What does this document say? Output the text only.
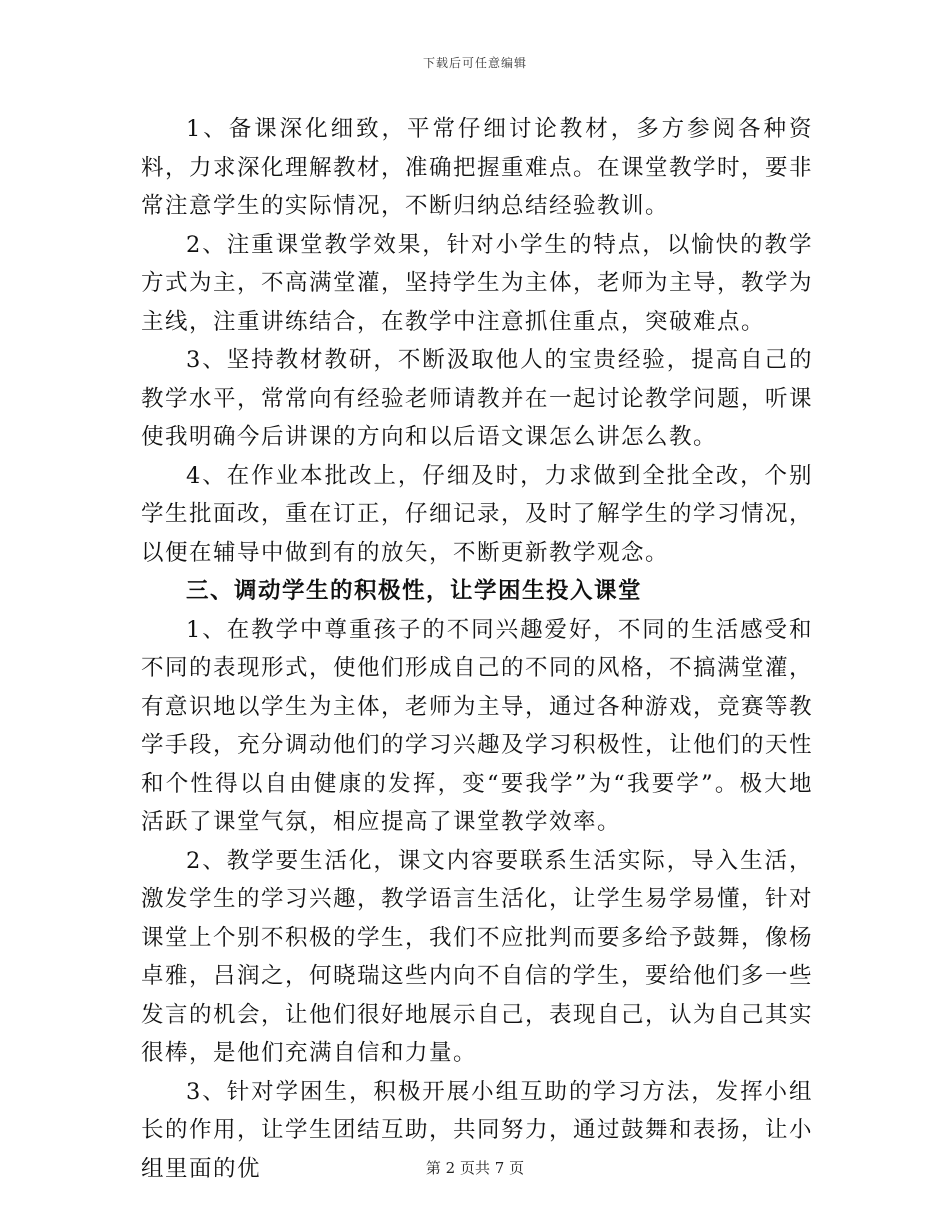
下载后可任意编辑

1、备课深化细致，平常仔细讨论教材，多方参阅各种资料，力求深化理解教材，准确把握重难点。在课堂教学时，要非常注意学生的实际情况，不断归纳总结经验教训。

2、注重课堂教学效果，针对小学生的特点，以愉快的教学方式为主，不高满堂灌，坚持学生为主体，老师为主导，教学为主线，注重讲练结合，在教学中注意抓住重点，突破难点。

3、坚持教材教研，不断汲取他人的宝贵经验，提高自己的教学水平，常常向有经验老师请教并在一起讨论教学问题，听课使我明确今后讲课的方向和以后语文课怎么讲怎么教。

4、在作业本批改上，仔细及时，力求做到全批全改，个别学生批面改，重在订正，仔细记录，及时了解学生的学习情况，以便在辅导中做到有的放矢，不断更新教学观念。

三、调动学生的积极性，让学困生投入课堂

1、在教学中尊重孩子的不同兴趣爱好，不同的生活感受和不同的表现形式，使他们形成自己的不同的风格，不搞满堂灌，有意识地以学生为主体，老师为主导，通过各种游戏，竞赛等教学手段，充分调动他们的学习兴趣及学习积极性，让他们的天性和个性得以自由健康的发挥，变“要我学”为“我要学”。极大地活跃了课堂气氛，相应提高了课堂教学效率。

2、教学要生活化，课文内容要联系生活实际，导入生活，激发学生的学习兴趣，教学语言生活化，让学生易学易懂，针对课堂上个别不积极的学生，我们不应批判而要多给予鼓舞，像杨卓雅，吕润之，何晓瑞这些内向不自信的学生，要给他们多一些发言的机会，让他们很好地展示自己，表现自己，认为自己其实很棒，是他们充满自信和力量。

3、针对学困生，积极开展小组互助的学习方法，发挥小组长的作用，让学生团结互助，共同努力，通过鼓舞和表扬，让小组里面的优	第 2 页共 7 页
